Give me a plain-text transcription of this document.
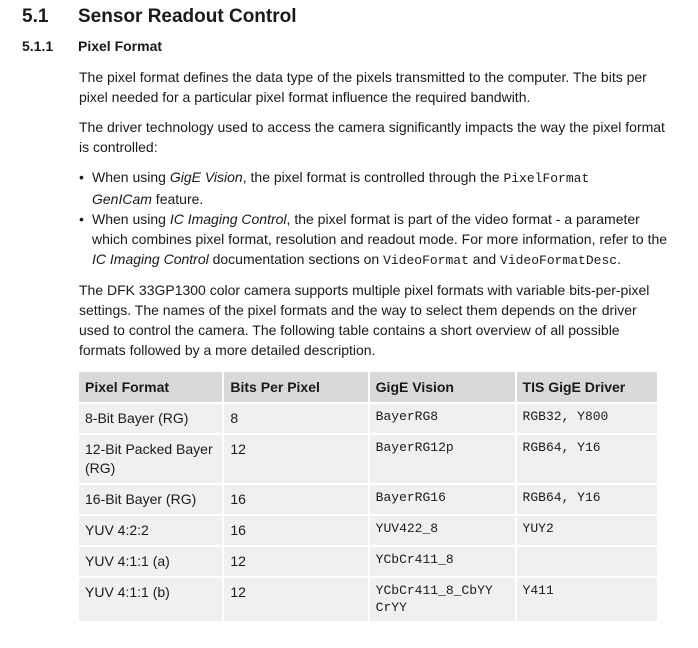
5.1 Sensor Readout Control
5.1.1 Pixel Format

The pixel format defines the data type of the pixels transmitted to the computer. The bits per pixel needed for a particular pixel format influence the required bandwith.

The driver technology used to access the camera significantly impacts the way the pixel format is controlled:

• When using GigE Vision, the pixel format is controlled through the PixelFormat
GenICam feature.
• When using IC Imaging Control, the pixel format is part of the video format - a parameter which combines pixel format, resolution and readout mode. For more information, refer to the IC Imaging Control documentation sections on VideoFormat and VideoFormatDesc.

The DFK 33GP1300 color camera supports multiple pixel formats with variable bits-per-pixel settings. The names of the pixel formats and the way to select them depends on the driver used to control the camera. The following table contains a short overview of all possible formats followed by a more detailed description.

Pixel Format	Bits Per Pixel	GigE Vision	TIS GigE Driver
8-Bit Bayer (RG)	8	BayerRG8	RGB32, Y800
12-Bit Packed Bayer (RG)	12	BayerRG12p	RGB64, Y16
16-Bit Bayer (RG)	16	BayerRG16	RGB64, Y16
YUV 4:2:2	16	YUV422_8	YUY2
YUV 4:1:1 (a)	12	YCbCr411_8	
YUV 4:1:1 (b)	12	YCbCr411_8_CbYY CrYY	Y411
